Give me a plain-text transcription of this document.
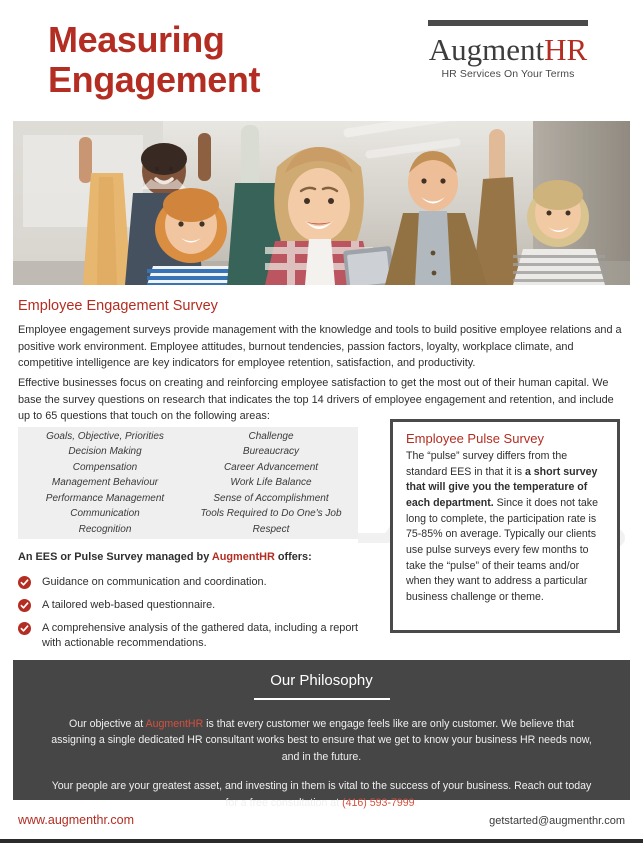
Measuring
Engagement
AugmentHR
HR Services On Your Terms
Employee Engagement Survey
Employee engagement surveys provide management with the knowledge and tools to build positive employee relations and a positive work environment. Employee attitudes, burnout tendencies, passion factors, loyalty, workplace climate, and competitive intelligence are key indicators for employee retention, satisfaction, and productivity.
Effective businesses focus on creating and reinforcing employee satisfaction to get the most out of their human capital. We base the survey questions on research that indicates the top 14 drivers of employee engagement and retention, and include up to 65 questions that touch on the following areas:
Goals, Objective, Priorities
Decision Making
Compensation
Management Behaviour
Performance Management
Communication
Recognition
Challenge
Bureaucracy
Career Advancement
Work Life Balance
Sense of Accomplishment
Tools Required to Do One's Job
Respect
An EES or Pulse Survey managed by AugmentHR offers:
Guidance on communication and coordination.
A tailored web-based questionnaire.
A comprehensive analysis of the gathered data, including a report with actionable recommendations.
Employee Pulse Survey
The “pulse” survey differs from the standard EES in that it is a short survey that will give you the temperature of each department. Since it does not take long to complete, the participation rate is 75-85% on average. Typically our clients use pulse surveys every few months to take the “pulse” of their teams and/or when they want to address a particular business challenge or theme.
Our Philosophy
Our objective at AugmentHR is that every customer we engage feels like are only customer. We believe that assigning a single dedicated HR consultant works best to ensure that we get to know your business HR needs now, and in the future.
Your people are your greatest asset, and investing in them is vital to the success of your business. Reach out today for a free consultation at (416) 593-7999.
www.augmenthr.com	getstarted@augmenthr.com
